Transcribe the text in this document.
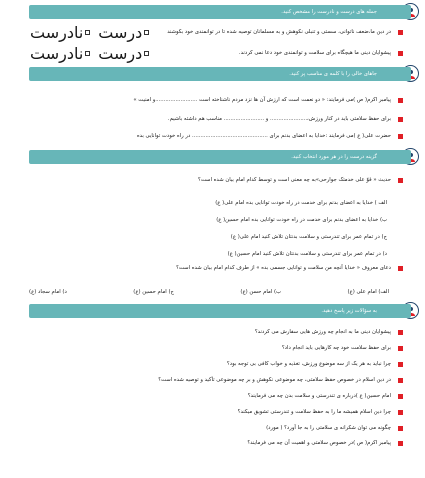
جمله های درست و نادرست را مشخص کنید.
در دین ما،ضعف ناتوانی، سستی و تنبلی نکوهش و به مسلمانان توصیه شده تا در توانمندی خود بکوشند
درست
نادرست
پیشوایان دینی ما هیچگاه برای سلامت و توانمندی خود دعا نمی کردند.
درست
نادرست
جاهای خالی را با کلمه ی مناسب پر کنید.
پیامبر اکرم( ص )می فرمایند: « دو نعمت است که ارزش آن ها نزد مردم ناشناخته است .........................و امنیت »
برای حفظ سلامتی باید در کنار ورزش،...................... و ........................ مناسب هم داشته باشیم.
حضرت علی( ع )می فرمایند :خدایا به اعضای بدنم برای ............................................. در راه خودت توانایی بده
گزینه درست را در هر مورد انتخاب کنید.
حدیث « قوّ علی خدمتک جوارحی»به چه معنی است و توسط کدام امام بیان شده است؟
الف ) خدایا به اعضای بدنم برای خدمت در راه خودت توانایی بده امام علی( ع)
ب) خدایا به اعضای بدنم برای خدمت در راه خودت توانایی بده امام حسین( ع)
ج) در تمام عمر برای تندرستی و سلامت بدنتان تلاش کنید امام علی( ع)
د) در تمام عمر برای تندرستی و سلامت بدنتان تلاش کنید امام حسین( ع)
دعای معروف « خدایا آنچه من سلامت و توانایی جسمی بده » از طرف کدام امام بیان شده است؟
الف) امام علی (ع)
ب) امام حسن (ع)
ج) امام حسین (ع)
د) امام سجاد (ع)
به سؤالات زیر پاسخ دهید.
پیشوایان دینی ما به انجام چه ورزش هایی سفارش می کردند؟
برای حفظ سلامت خود چه کارهایی باید انجام داد؟
چرا نباید به هر یک از سه موضوع ورزش، تغذیه و خواب کافی بی توجه بود؟
در دین اسلام در خصوص حفظ سلامتی، چه موضوعی نکوهش و بر چه موضوعی تأکید و توصیه شده است؟
امام حسین( ع )درباره ی تندرستی و سلامت بدن چه می فرمایند؟
چرا دین اسلام همیشه ما را به حفظ سلامت و تندرستی تشویق میکند؟
چگونه می توان شکرانه ی سلامتی را به جا آورد؟ ( مورد)
پیامبر اکرم( ص )در خصوص سلامتی و اهمیت آن چه می فرمایند؟
